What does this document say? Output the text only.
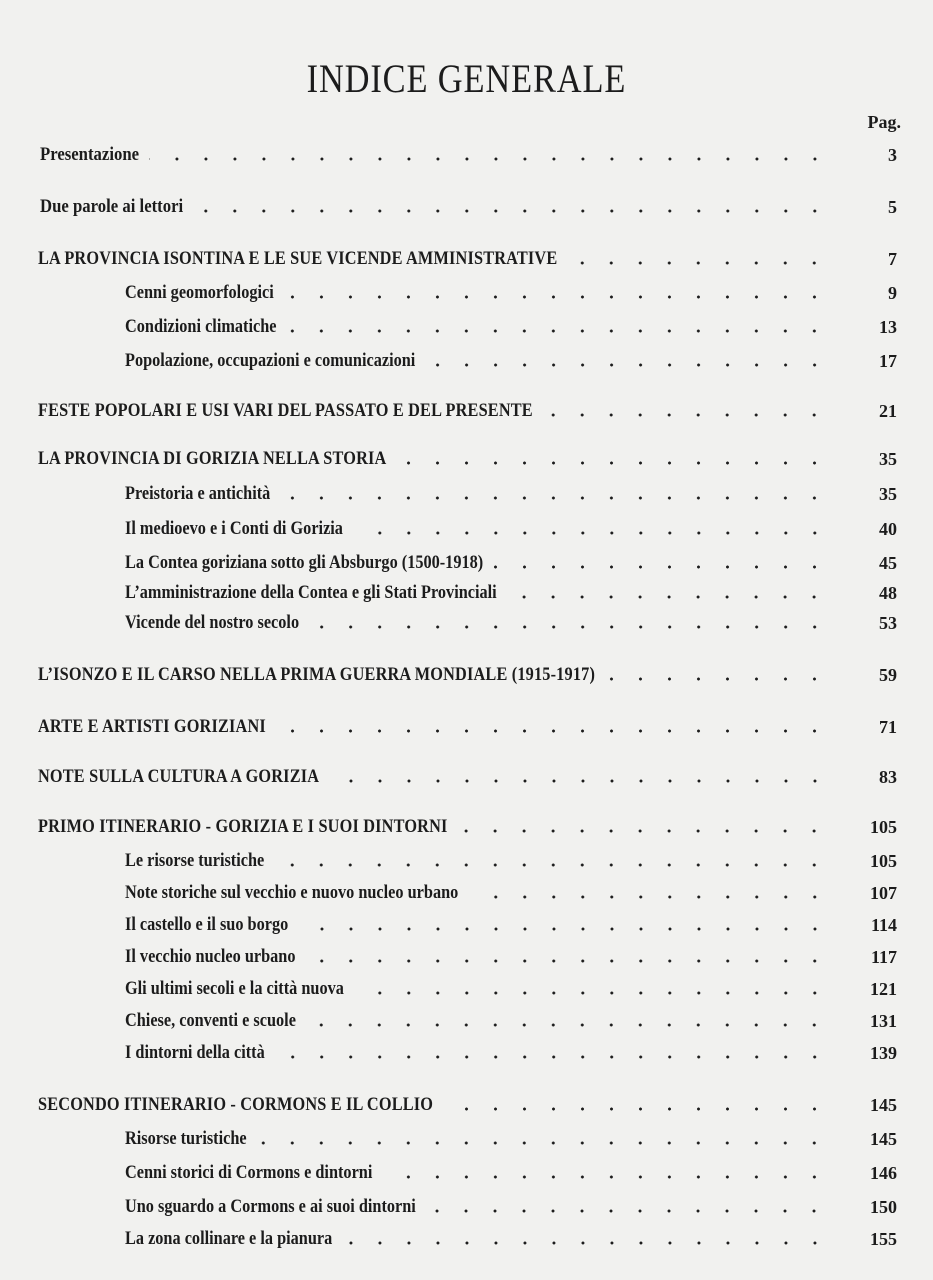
INDICE GENERALE
Pag.
Presentazione	3
Due parole ai lettori	5
LA PROVINCIA ISONTINA E LE SUE VICENDE AMMINISTRATIVE	7
Cenni geomorfologici	9
Condizioni climatiche	13
Popolazione, occupazioni e comunicazioni	17
FESTE POPOLARI E USI VARI DEL PASSATO E DEL PRESENTE	21
LA PROVINCIA DI GORIZIA NELLA STORIA	35
Preistoria e antichità	35
Il medioevo e i Conti di Gorizia	40
La Contea goriziana sotto gli Absburgo (1500-1918)	45
L’amministrazione della Contea e gli Stati Provinciali	48
Vicende del nostro secolo	53
L’ISONZO E IL CARSO NELLA PRIMA GUERRA MONDIALE (1915-1917)	59
ARTE E ARTISTI GORIZIANI	71
NOTE SULLA CULTURA A GORIZIA	83
PRIMO ITINERARIO - GORIZIA E I SUOI DINTORNI	105
Le risorse turistiche	105
Note storiche sul vecchio e nuovo nucleo urbano	107
Il castello e il suo borgo	114
Il vecchio nucleo urbano	117
Gli ultimi secoli e la città nuova	121
Chiese, conventi e scuole	131
I dintorni della città	139
SECONDO ITINERARIO - CORMONS E IL COLLIO	145
Risorse turistiche	145
Cenni storici di Cormons e dintorni	146
Uno sguardo a Cormons e ai suoi dintorni	150
La zona collinare e la pianura	155
